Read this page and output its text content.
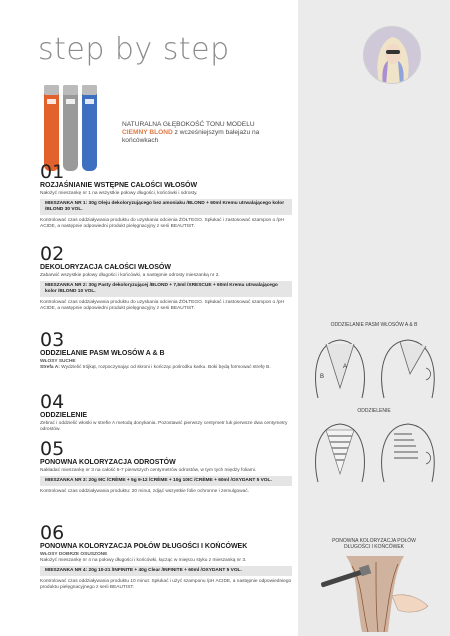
step by step
NATURALNA GŁĘBOKOŚĆ TONU MODELU
CIEMNY BLOND z wcześniejszym balejażu na końcówkach
01
ROZJAŚNIANIE WSTĘPNE CAŁOŚCI WŁOSÓW
Nałożyć mieszankę nr 1 na wszystkie połowy długości, końcówki i odrosty.
MIESZANKA NR 1: 30g Oleju dekoloryzującego bez amoniaku /BLOND + 60ml Kremu utrwalającego kolor /BLOND 30 VOL.
Kontrolować czas oddziaływania produktu do uzyskania odcienia ŻÓŁTEGO. Spłukać i zastosować szampon o /pH ACIDE, a następnie odpowiedni produkt pielęgnacyjny z serii BEAUTIST.
02
DEKOLORYZACJA CAŁOŚCI WŁOSÓW
Zabarwić wszystkie połowy długości i końcówki, a następnie odrosty mieszanką nr 2.
MIESZANKA NR 2: 30g Pasty dekoloryzującej /BLOND + 7,5ml /XRESCUE + 60ml Kremu utrwalającego kolor /BLOND 10 VOL.
Kontrolować czas oddziaływania produktu do uzyskania odcienia ŻÓŁTEGO. Spłukać i zastosować szampon o /pH ACIDE, a następnie odpowiedni produkt pielęgnacyjny z serii BEAUTIST.
03
ODDZIELANIE PASM WŁOSÓW A & B
WŁOSY SUCHE
Strefa A: Wydzielić trójkąt, rozpoczynając od skroni i kończąc pośrodku karku. Boki będą formować strefę B.
04
ODDZIELENIE
Zebrać i oddzielić włoski w strefie A metodą donykania. Pozostawić pierwszy centymetr luk pierwsze dwa centymetry odrostów.
05
PONOWNA KOLORYZACJA ODROSTÓW
Nakładać mieszankę nr 3 na całość 5-7 pierwszych centymetrów odrostów, w tym tych między foliami.
MIESZANKA NR 3: 20g 9IC /CRÈME + 5g 9-12 /CRÈME + 10g 10IC /CRÈME + 60ml /OXYDANT 5 VOL.
Kontrolować czas oddziaływania produktu: 20 minut, zdjąć wszystkie folie ochronne i zemulgować.
06
PONOWNA KOLORYZACJA POŁÓW DŁUGOŚCI I KOŃCÓWEK
WŁOSY DOBRZE OSUSZONE
Nałożyć mieszankę nr 4 na połowy długości i końcówki, łącząc w miejscu styku z mieszanką nr 3.
MIESZANKA NR 4: 20g 10-21 /INFINITE + 40g Clear /INFINITE + 60ml /OXYDANT 5 VOL.
Kontrolować czas oddziaływania produktu 10 minut. Spłukać i użyć szamponu /pH ACIDE, a następnie odpowiedniego produktu pielęgnacyjnego z serii BEAUTIST.
ODDZIELANIE PASM WŁOSÓW A & B
ODDZIELENIE
PONOWNA KOLORYZACJA POŁÓW
DŁUGOŚCI I KOŃCÓWEK
A
B
